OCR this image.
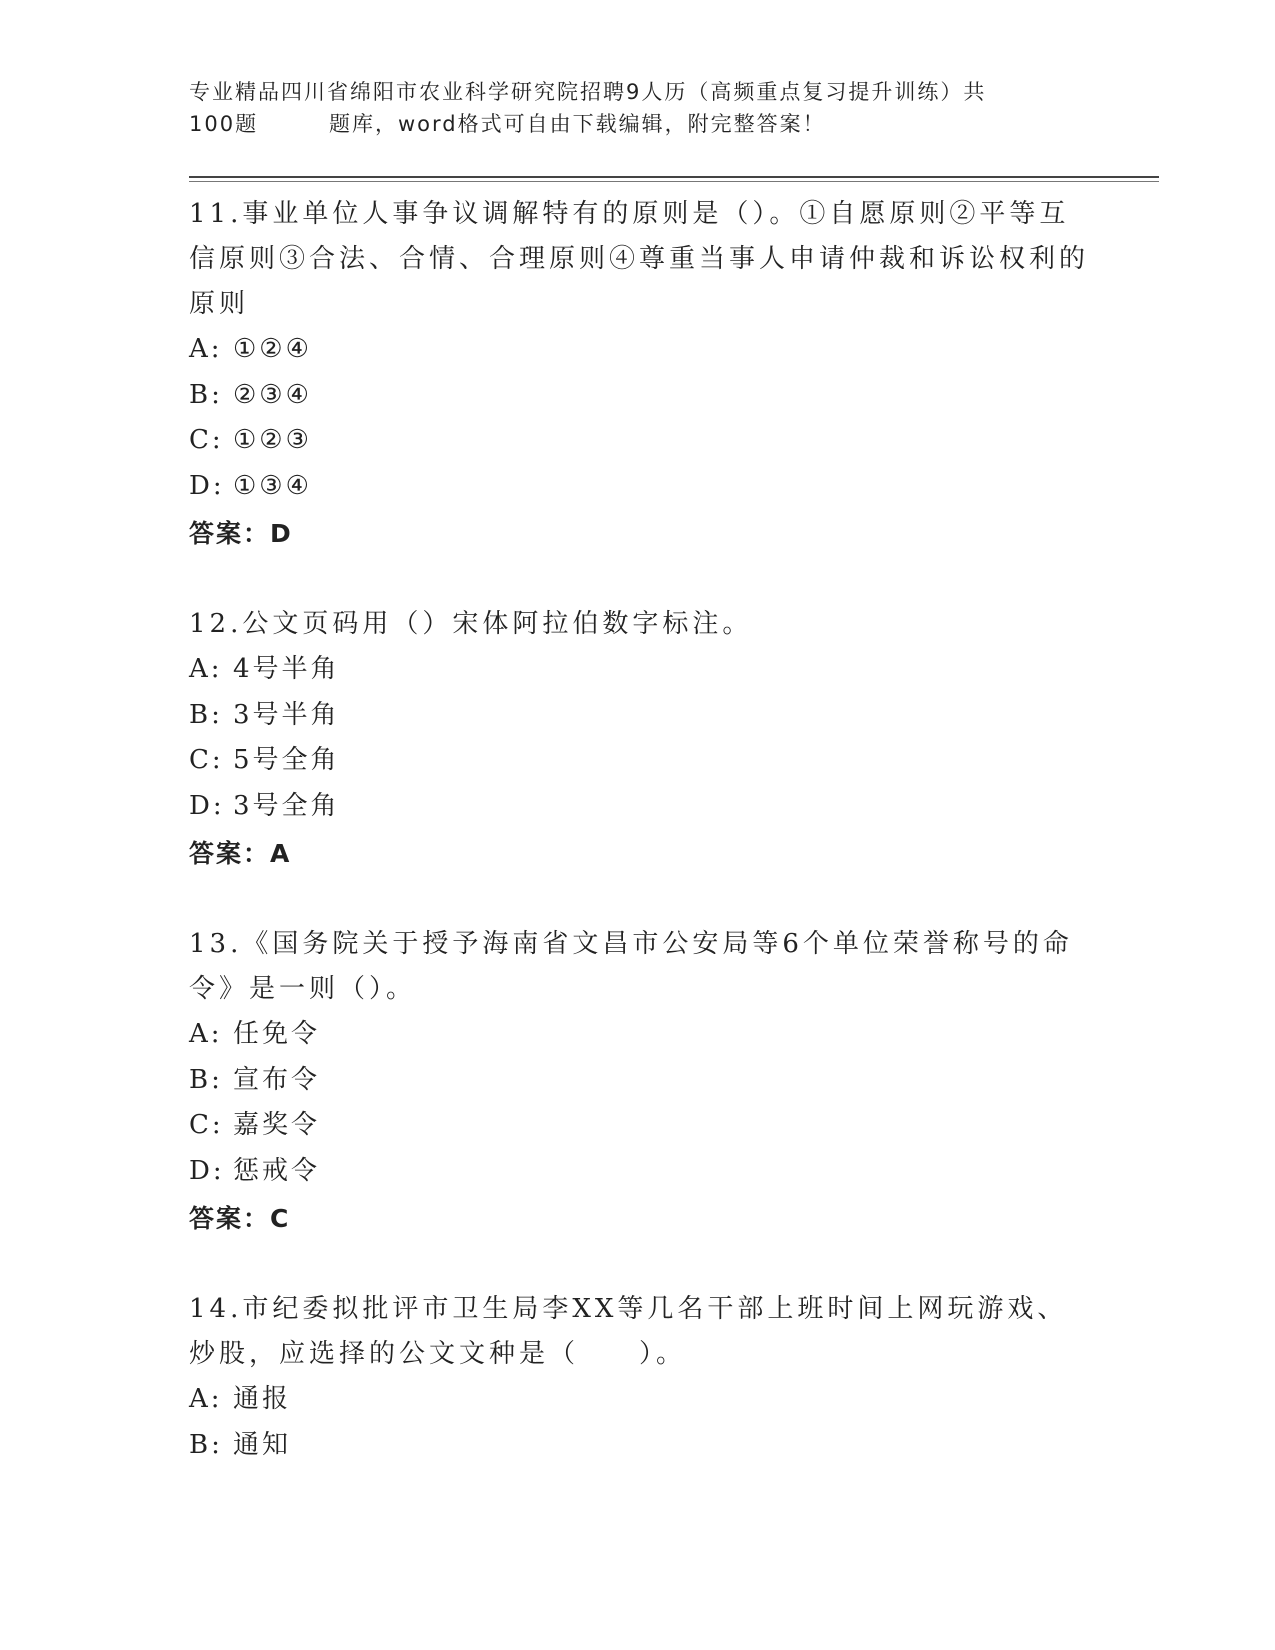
专业精品四川省绵阳市农业科学研究院招聘9人历（高频重点复习提升训练）共
100题	题库，word格式可自由下载编辑，附完整答案！
11.事业单位人事争议调解特有的原则是（）。①自愿原则②平等互信原则③合法、合情、合理原则④尊重当事人申请仲裁和诉讼权利的原则
A: ①②④
B: ②③④
C: ①②③
D: ①③④
答案：D
12.公文页码用（）宋体阿拉伯数字标注。
A: 4号半角
B: 3号半角
C: 5号全角
D: 3号全角
答案：A
13.《国务院关于授予海南省文昌市公安局等6个单位荣誉称号的命令》是一则（）。
A: 任免令
B: 宣布令
C: 嘉奖令
D: 惩戒令
答案：C
14.市纪委拟批评市卫生局李XX等几名干部上班时间上网玩游戏、炒股，应选择的公文文种是（　　）。
A: 通报
B: 通知
